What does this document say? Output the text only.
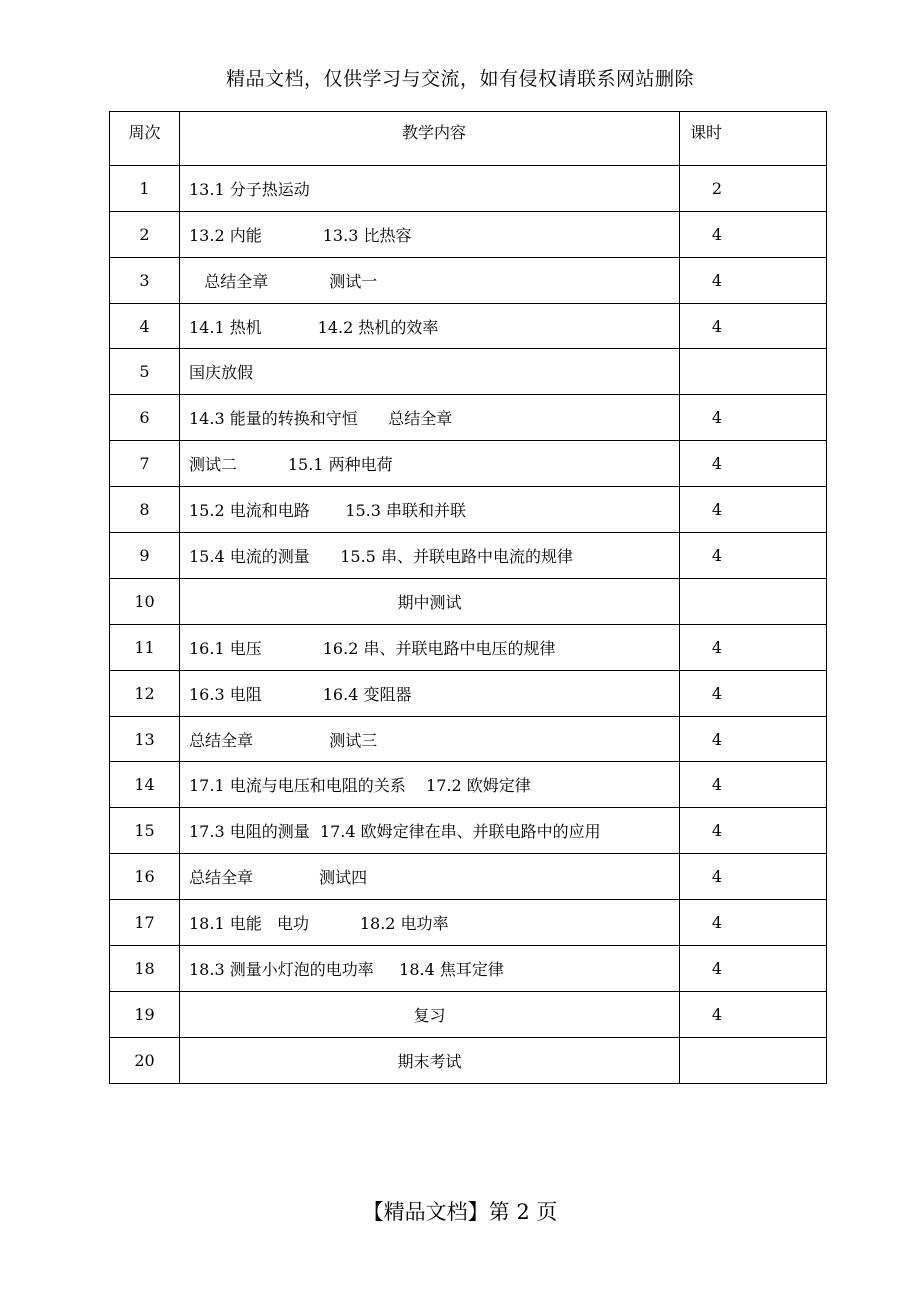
精品文档，仅供学习与交流，如有侵权请联系网站删除
周次	教学内容	课时
1	13.1 分子热运动	2
2	13.2 内能            13.3 比热容	4
3	总结全章            测试一	4
4	14.1 热机           14.2 热机的效率	4
5	国庆放假	
6	14.3 能量的转换和守恒      总结全章	4
7	测试二          15.1 两种电荷	4
8	15.2 电流和电路       15.3 串联和并联	4
9	15.4 电流的测量      15.5 串、并联电路中电流的规律	4
10	期中测试	
11	16.1 电压            16.2 串、并联电路中电压的规律	4
12	16.3 电阻            16.4 变阻器	4
13	总结全章               测试三	4
14	17.1 电流与电压和电阻的关系    17.2 欧姆定律	4
15	17.3 电阻的测量  17.4 欧姆定律在串、并联电路中的应用	4
16	总结全章             测试四	4
17	18.1 电能   电功          18.2 电功率	4
18	18.3 测量小灯泡的电功率     18.4 焦耳定律	4
19	复习	4
20	期末考试	
【精品文档】第 2 页
